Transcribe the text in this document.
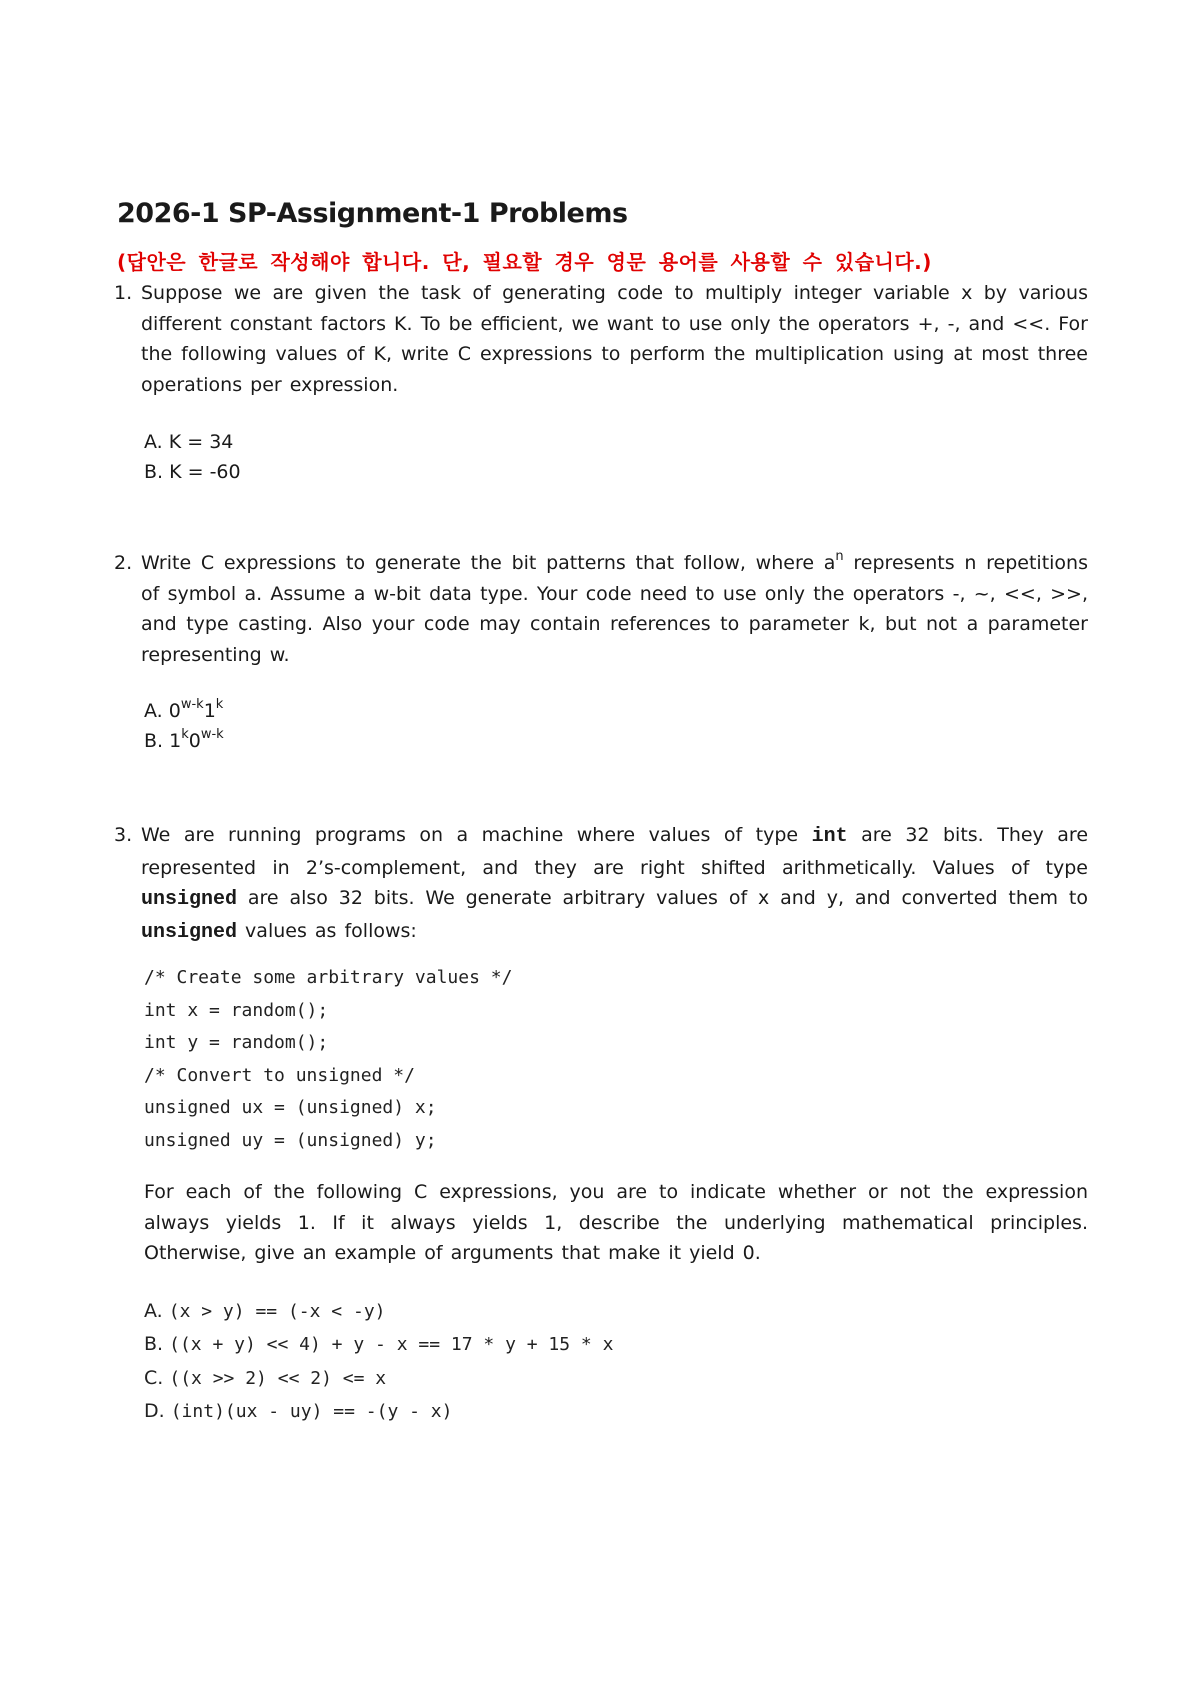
2026-1 SP-Assignment-1 Problems

(답안은 한글로 작성해야 합니다. 단, 필요할 경우 영문 용어를 사용할 수 있습니다.)

1. Suppose we are given the task of generating code to multiply integer variable x by various different constant factors K. To be efficient, we want to use only the operators +, -, and <<. For the following values of K, write C expressions to perform the multiplication using at most three operations per expression.
A. K = 34
B. K = -60
2. Write C expressions to generate the bit patterns that follow, where $a^n$ represents n repetitions of symbol a. Assume a w-bit data type. Your code need to use only the operators -, ~, <<, >>, and type casting. Also your code may contain references to parameter k, but not a parameter representing w.
A. 0$^{w-k}$1$^k$
B. 1$^k$0$^{w-k}$
3. We are running programs on a machine where values of type int are 32 bits. They are represented in 2’s-complement, and they are right shifted arithmetically. Values of type unsigned are also 32 bits. We generate arbitrary values of x and y, and converted them to unsigned values as follows:
/* Create some arbitrary values */
int x = random();
int y = random();
/* Convert to unsigned */
unsigned ux = (unsigned) x;
unsigned uy = (unsigned) y;
For each of the following C expressions, you are to indicate whether or not the expression always yields 1. If it always yields 1, describe the underlying mathematical principles. Otherwise, give an example of arguments that make it yield 0.
A. (x > y) == (-x < -y)
B. ((x + y) << 4) + y - x == 17 * y + 15 * x
C. ((x >> 2) << 2) <= x
D. (int)(ux - uy) == -(y - x)
